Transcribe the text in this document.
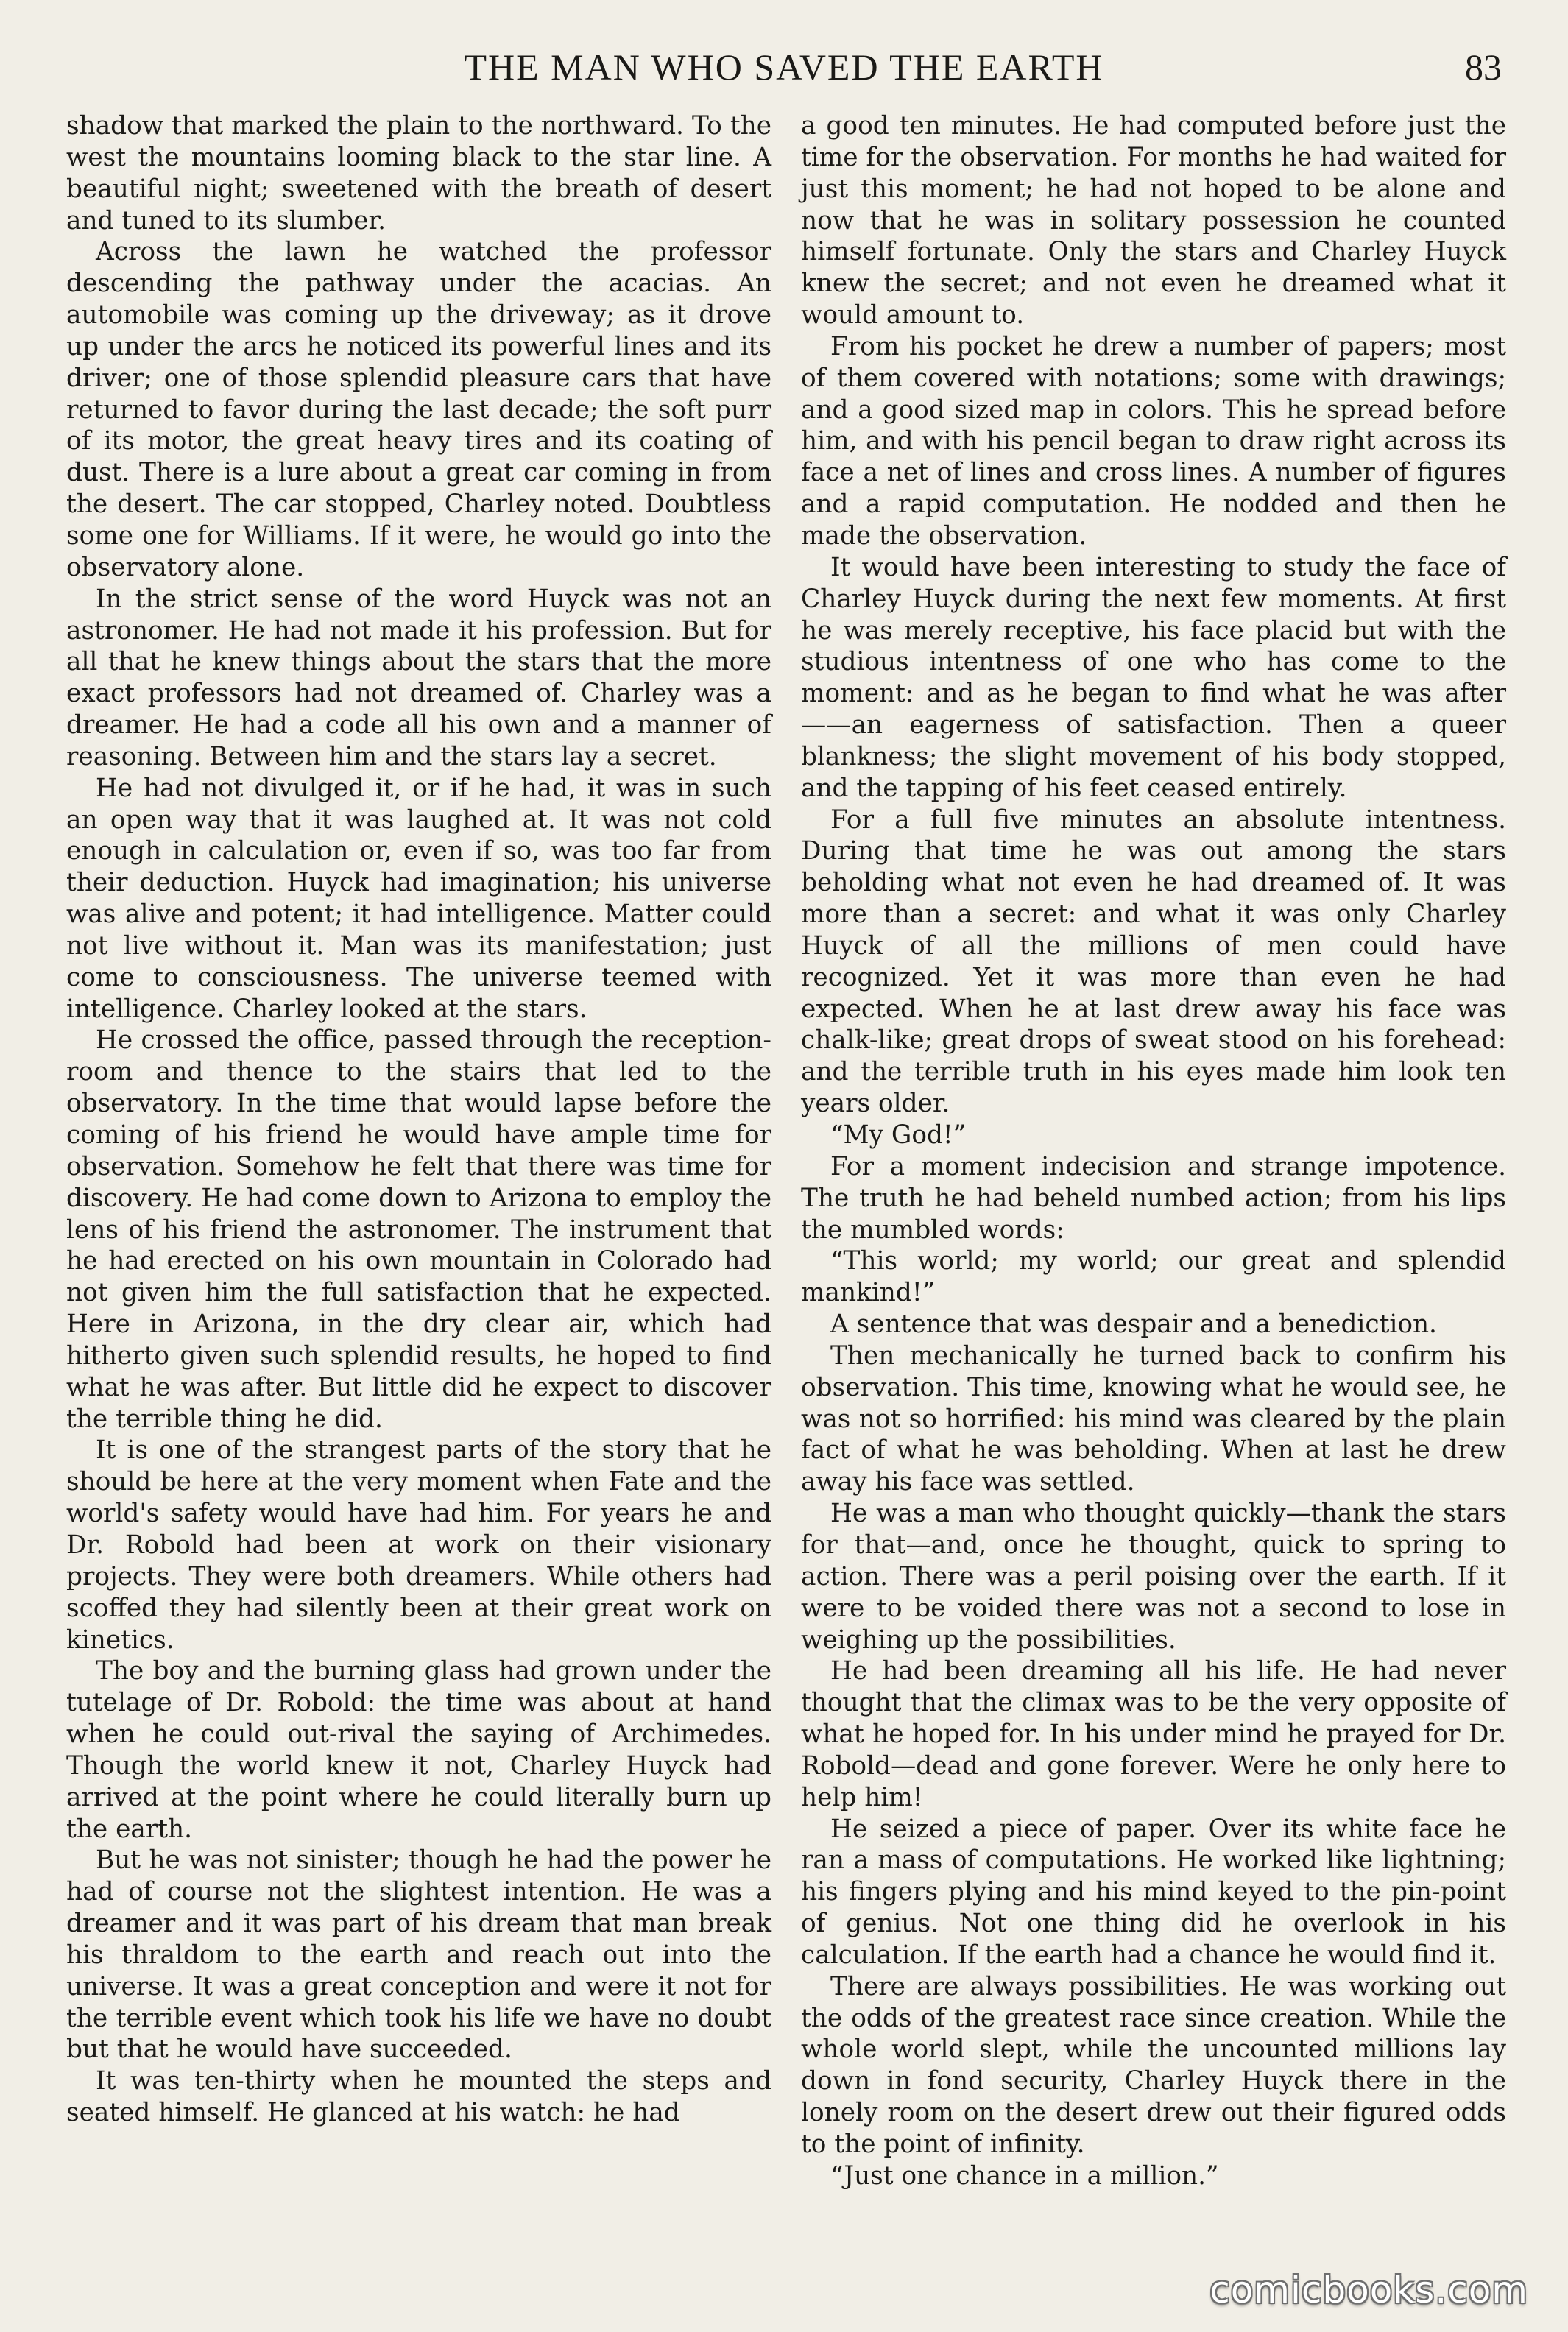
THE MAN WHO SAVED THE EARTH	83

shadow that marked the plain to the northward. To the west the mountains looming black to the star line. A beautiful night; sweetened with the breath of desert and tuned to its slumber.

Across the lawn he watched the professor descending the pathway under the acacias. An automobile was coming up the driveway; as it drove up under the arcs he noticed its powerful lines and its driver; one of those splendid pleasure cars that have returned to favor during the last decade; the soft purr of its motor, the great heavy tires and its coating of dust. There is a lure about a great car coming in from the desert. The car stopped, Charley noted. Doubtless some one for Williams. If it were, he would go into the observatory alone.

In the strict sense of the word Huyck was not an astronomer. He had not made it his profession. But for all that he knew things about the stars that the more exact professors had not dreamed of. Charley was a dreamer. He had a code all his own and a manner of reasoning. Between him and the stars lay a secret.

He had not divulged it, or if he had, it was in such an open way that it was laughed at. It was not cold enough in calculation or, even if so, was too far from their deduction. Huyck had imagination; his universe was alive and potent; it had intelligence. Matter could not live without it. Man was its manifestation; just come to consciousness. The universe teemed with intelligence. Charley looked at the stars.

He crossed the office, passed through the reception-room and thence to the stairs that led to the observatory. In the time that would lapse before the coming of his friend he would have ample time for observation. Somehow he felt that there was time for discovery. He had come down to Arizona to employ the lens of his friend the astronomer. The instrument that he had erected on his own mountain in Colorado had not given him the full satisfaction that he expected. Here in Arizona, in the dry clear air, which had hitherto given such splendid results, he hoped to find what he was after. But little did he expect to discover the terrible thing he did.

It is one of the strangest parts of the story that he should be here at the very moment when Fate and the world's safety would have had him. For years he and Dr. Robold had been at work on their visionary projects. They were both dreamers. While others had scoffed they had silently been at their great work on kinetics.

The boy and the burning glass had grown under the tutelage of Dr. Robold: the time was about at hand when he could out-rival the saying of Archimedes. Though the world knew it not, Charley Huyck had arrived at the point where he could literally burn up the earth.

But he was not sinister; though he had the power he had of course not the slightest intention. He was a dreamer and it was part of his dream that man break his thraldom to the earth and reach out into the universe. It was a great conception and were it not for the terrible event which took his life we have no doubt but that he would have succeeded.

It was ten-thirty when he mounted the steps and seated himself. He glanced at his watch: he had

a good ten minutes. He had computed before just the time for the observation. For months he had waited for just this moment; he had not hoped to be alone and now that he was in solitary possession he counted himself fortunate. Only the stars and Charley Huyck knew the secret; and not even he dreamed what it would amount to.

From his pocket he drew a number of papers; most of them covered with notations; some with drawings; and a good sized map in colors. This he spread before him, and with his pencil began to draw right across its face a net of lines and cross lines. A number of figures and a rapid computation. He nodded and then he made the observation.

It would have been interesting to study the face of Charley Huyck during the next few moments. At first he was merely receptive, his face placid but with the studious intentness of one who has come to the moment: and as he began to find what he was after——an eagerness of satisfaction. Then a queer blankness; the slight movement of his body stopped, and the tapping of his feet ceased entirely.

For a full five minutes an absolute intentness. During that time he was out among the stars beholding what not even he had dreamed of. It was more than a secret: and what it was only Charley Huyck of all the millions of men could have recognized. Yet it was more than even he had expected. When he at last drew away his face was chalk-like; great drops of sweat stood on his forehead: and the terrible truth in his eyes made him look ten years older.

“My God!”

For a moment indecision and strange impotence. The truth he had beheld numbed action; from his lips the mumbled words:

“This world; my world; our great and splendid mankind!”

A sentence that was despair and a benediction.

Then mechanically he turned back to confirm his observation. This time, knowing what he would see, he was not so horrified: his mind was cleared by the plain fact of what he was beholding. When at last he drew away his face was settled.

He was a man who thought quickly—thank the stars for that—and, once he thought, quick to spring to action. There was a peril poising over the earth. If it were to be voided there was not a second to lose in weighing up the possibilities.

He had been dreaming all his life. He had never thought that the climax was to be the very opposite of what he hoped for. In his under mind he prayed for Dr. Robold—dead and gone forever. Were he only here to help him!

He seized a piece of paper. Over its white face he ran a mass of computations. He worked like lightning; his fingers plying and his mind keyed to the pin-point of genius. Not one thing did he overlook in his calculation. If the earth had a chance he would find it.

There are always possibilities. He was working out the odds of the greatest race since creation. While the whole world slept, while the uncounted millions lay down in fond security, Charley Huyck there in the lonely room on the desert drew out their figured odds to the point of infinity.

“Just one chance in a million.”

comicbooks.com
